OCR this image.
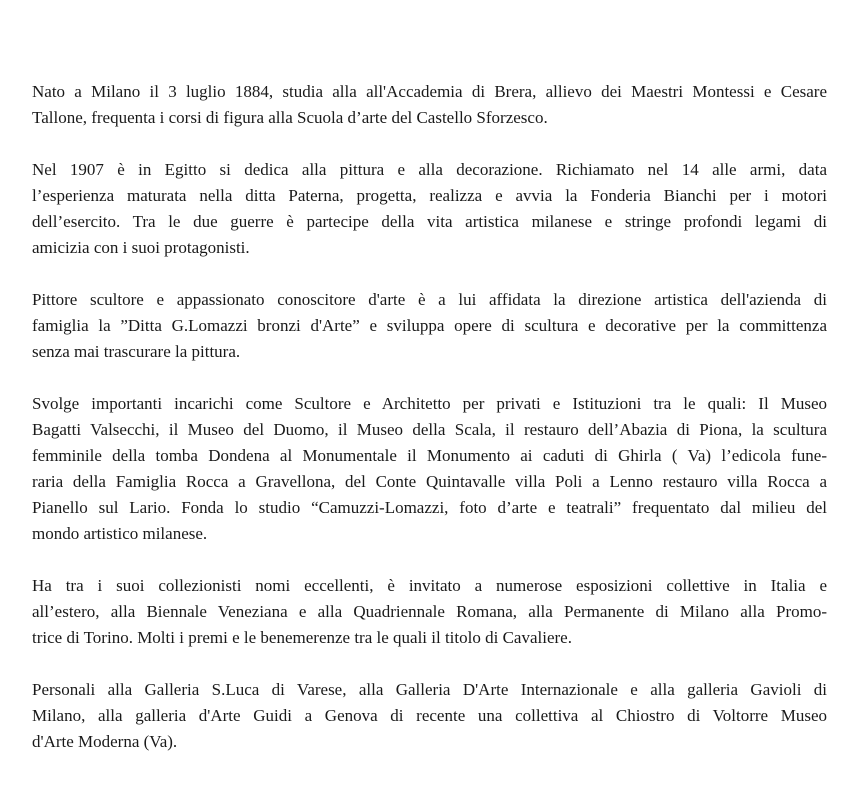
Nato a Milano il 3 luglio 1884, studia alla all'Accademia di Brera, allievo dei Maestri Montessi e Cesare
Tallone, frequenta i corsi di figura alla Scuola d’arte del Castello Sforzesco.

Nel 1907 è in Egitto si dedica alla pittura e alla decorazione. Richiamato nel 14 alle armi, data
l’esperienza maturata nella ditta Paterna, progetta, realizza e avvia la Fonderia Bianchi per i motori
dell’esercito. Tra le due guerre è partecipe della vita artistica milanese e stringe profondi legami di
amicizia con i suoi protagonisti.

Pittore scultore e appassionato conoscitore d'arte è a lui affidata la direzione artistica dell'azienda di
famiglia la ”Ditta G.Lomazzi bronzi d'Arte” e sviluppa opere di scultura e decorative per la committenza
senza mai trascurare la pittura.

Svolge importanti incarichi come Scultore e Architetto per privati e Istituzioni tra le quali: Il Museo
Bagatti Valsecchi, il Museo del Duomo, il Museo della Scala, il restauro dell’Abazia di Piona, la scultura
femminile della tomba Dondena al Monumentale il Monumento ai caduti di Ghirla ( Va) l’edicola fune-
raria della Famiglia Rocca a Gravellona, del Conte Quintavalle villa Poli a Lenno restauro villa Rocca a
Pianello sul Lario. Fonda lo studio “Camuzzi-Lomazzi, foto d’arte e teatrali” frequentato dal milieu del
mondo artistico milanese.

Ha tra i suoi collezionisti nomi eccellenti, è invitato a numerose esposizioni collettive in Italia e
all’estero, alla Biennale Veneziana e alla Quadriennale Romana, alla Permanente di Milano alla Promo-
trice di Torino. Molti i premi e le benemerenze tra le quali il titolo di Cavaliere.

Personali alla Galleria S.Luca di Varese, alla Galleria D'Arte Internazionale e alla galleria Gavioli di
Milano, alla galleria d'Arte Guidi a Genova di recente una collettiva al Chiostro di Voltorre Museo
d'Arte Moderna (Va).
